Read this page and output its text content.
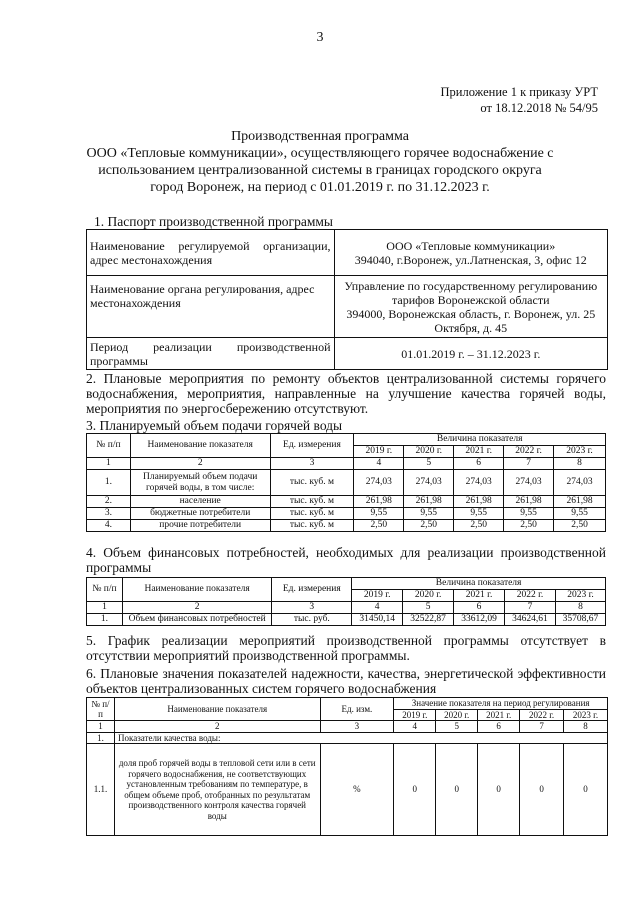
3
Приложение 1 к приказу УРТ
от 18.12.2018 № 54/95
Производственная программа
ООО «Тепловые коммуникации», осуществляющего горячее водоснабжение с
использованием централизованной системы в границах городского округа
город Воронеж, на период с 01.01.2019 г. по 31.12.2023 г.
1. Паспорт производственной программы
Наименование регулируемой организации, адрес местонахождения	ООО «Тепловые коммуникации»
394040, г.Воронеж, ул.Латненская, 3, офис 12

Наименование органа регулирования, адрес местонахождения	Управление по государственному регулированию тарифов Воронежской области
394000, Воронежская область, г. Воронеж, ул. 25 Октября, д. 45

Период реализации производственной программы	01.01.2019 г. – 31.12.2023 г.
2. Плановые мероприятия по ремонту объектов централизованной системы горячего водоснабжения, мероприятия, направленные на улучшение качества горячей воды, мероприятия по энергосбережению отсутствуют.
3. Планируемый объем подачи горячей воды
№ п/п	Наименование показателя	Ед. измерения	Величина показателя				
			2019 г.	2020 г.	2021 г.	2022 г.	2023 г.
1	2	3	4	5	6	7	8
1.	Планируемый объем подачи горячей воды, в том числе:	тыс. куб. м	274,03	274,03	274,03	274,03	274,03
2.	население	тыс. куб. м	261,98	261,98	261,98	261,98	261,98
3.	бюджетные потребители	тыс. куб. м	9,55	9,55	9,55	9,55	9,55
4.	прочие потребители	тыс. куб. м	2,50	2,50	2,50	2,50	2,50
4. Объем финансовых потребностей, необходимых для реализации производственной программы
№ п/п	Наименование показателя	Ед. измерения	Величина показателя				
			2019 г.	2020 г.	2021 г.	2022 г.	2023 г.
1	2	3	4	5	6	7	8
1.	Объем финансовых потребностей	тыс. руб.	31450,14	32522,87	33612,09	34624,61	35708,67
5. График реализации мероприятий производственной программы отсутствует в отсутствии мероприятий производственной программы.
6. Плановые значения показателей надежности, качества, энергетической эффективности объектов централизованных систем горячего водоснабжения
№ п/п	Наименование показателя	Ед. изм.	Значение показателя на период регулирования				
			2019 г.	2020 г.	2021 г.	2022 г.	2023 г.
1	2	3	4	5	6	7	8
1.	Показатели качества воды:						
1.1.	доля проб горячей воды в тепловой сети или в сети горячего водоснабжения, не соответствующих установленным требованиям по температуре, в общем объеме проб, отобранных по результатам производственного контроля качества горячей воды	%	0	0	0	0	0
